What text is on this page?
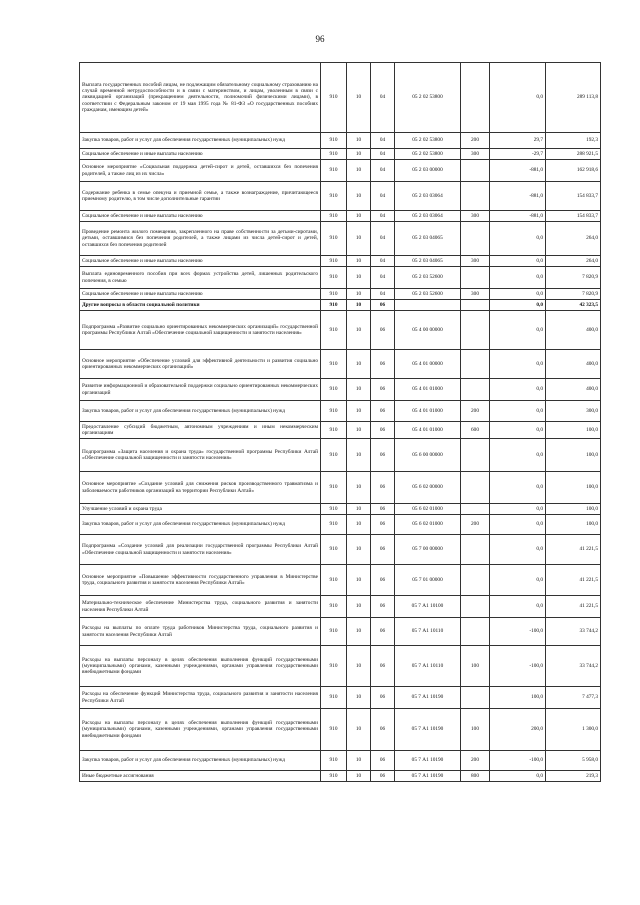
96
Выплата государственных пособий лицам, не подлежащим обязательному социальному страхованию на случай временной нетрудоспособности и в связи с материнством, и лицам, уволенным в связи с ликвидацией организаций (прекращением деятельности, полномочий физическими лицами), в соответствии с Федеральным законом от 19 мая 1995 года № 81-ФЗ «О государственных пособиях гражданам, имеющим детей»	910	10	04	05 2 02 53800		0,0	289 113,8
Закупка товаров, работ и услуг для обеспечения государственных (муниципальных) нужд	910	10	04	05 2 02 53800	200	29,7	192,3
Социальное обеспечение и иные выплаты населению	910	10	04	05 2 02 53800	300	-29,7	288 921,5
Основное мероприятие «Социальная поддержка детей-сирот и детей, оставшихся без попечения родителей, а также лиц из их числа»	910	10	04	05 2 03 00000		-881,0	162 918,6
Содержание ребенка в семье опекуна и приемной семье, а также вознаграждение, причитающееся приемному родителю, в том числе дополнительные гарантии	910	10	04	05 2 03 03064		-881,0	154 833,7
Социальное обеспечение и иные выплаты населению	910	10	04	05 2 03 03064	300	-881,0	154 833,7
Проведение ремонта жилого помещения, закрепленного на праве собственности за детьми-сиротами, детьми, оставшимися без попечения родителей, а также лицами из числа детей-сирот и детей, оставшихся без попечения родителей	910	10	04	05 2 03 04065		0,0	264,0
Социальное обеспечение и иные выплаты населению	910	10	04	05 2 03 04065	300	0,0	264,0
Выплата единовременного пособия при всех формах устройства детей, лишенных родительского попечения, в семью	910	10	04	05 2 03 52600		0,0	7 820,9
Социальное обеспечение и иные выплаты населению	910	10	04	05 2 03 52600	300	0,0	7 820,9
Другие вопросы в области социальной политики	910	10	06			0,0	42 323,5
Подпрограмма «Развитие социально ориентированных некоммерческих организаций» государственной программы Республики Алтай «Обеспечение социальной защищенности и занятости населения»	910	10	06	05 4 00 00000		0,0	400,0
Основное мероприятие «Обеспечение условий для эффективной деятельности и развития социально ориентированных некоммерческих организаций»	910	10	06	05 4 01 00000		0,0	400,0
Развитие информационной и образовательной поддержки социально ориентированных некоммерческих организаций	910	10	06	05 4 01 01000		0,0	400,0
Закупка товаров, работ и услуг для обеспечения государственных (муниципальных) нужд	910	10	06	05 4 01 01000	200	0,0	300,0
Предоставление субсидий бюджетным, автономным учреждениям и иным некоммерческим организациям	910	10	06	05 4 01 01000	600	0,0	100,0
Подпрограмма «Защита населения и охрана труда» государственной программы Республики Алтай «Обеспечение социальной защищенности и занятости населения»	910	10	06	05 6 00 00000		0,0	100,0
Основное мероприятие «Создание условий для снижения рисков производственного травматизма и заболеваемости работников организаций на территории Республики Алтай»	910	10	06	05 6 02 00000		0,0	100,0
Улучшение условий и охрана труда	910	10	06	05 6 02 01000		0,0	100,0
Закупка товаров, работ и услуг для обеспечения государственных (муниципальных) нужд	910	10	06	05 6 02 01000	200	0,0	100,0
Подпрограмма «Создание условий для реализации государственной программы Республики Алтай «Обеспечение социальной защищенности и занятости населения»	910	10	06	05 7 00 00000		0,0	41 221,5
Основное мероприятие «Повышение эффективности государственного управления в Министерстве труда, социального развития и занятости населения Республики Алтай»	910	10	06	05 7 01 00000		0,0	41 221,5
Материально-техническое обеспечение Министерства труда, социального развития и занятости населения Республики Алтай	910	10	06	05 7 А1 10100		0,0	41 221,5
Расходы на выплаты по оплате труда работников Министерства труда, социального развития и занятости населения Республики Алтай	910	10	06	05 7 А1 10110		-100,0	33 744,2
Расходы на выплаты персоналу в целях обеспечения выполнения функций государственными (муниципальными) органами, казенными учреждениями, органами управления государственными внебюджетными фондами	910	10	06	05 7 А1 10110	100	-100,0	33 744,2
Расходы на обеспечение функций Министерства труда, социального развития и занятости населения Республики Алтай	910	10	06	05 7 А1 10190		100,0	7 477,3
Расходы на выплаты персоналу в целях обеспечения выполнения функций государственными (муниципальными) органами, казенными учреждениями, органами управления государственными внебюджетными фондами	910	10	06	05 7 А1 10190	100	200,0	1 300,0
Закупка товаров, работ и услуг для обеспечения государственных (муниципальных) нужд	910	10	06	05 7 А1 10190	200	-100,0	5 958,0
Иные бюджетные ассигнования	910	10	06	05 7 А1 10190	800	0,0	219,3
